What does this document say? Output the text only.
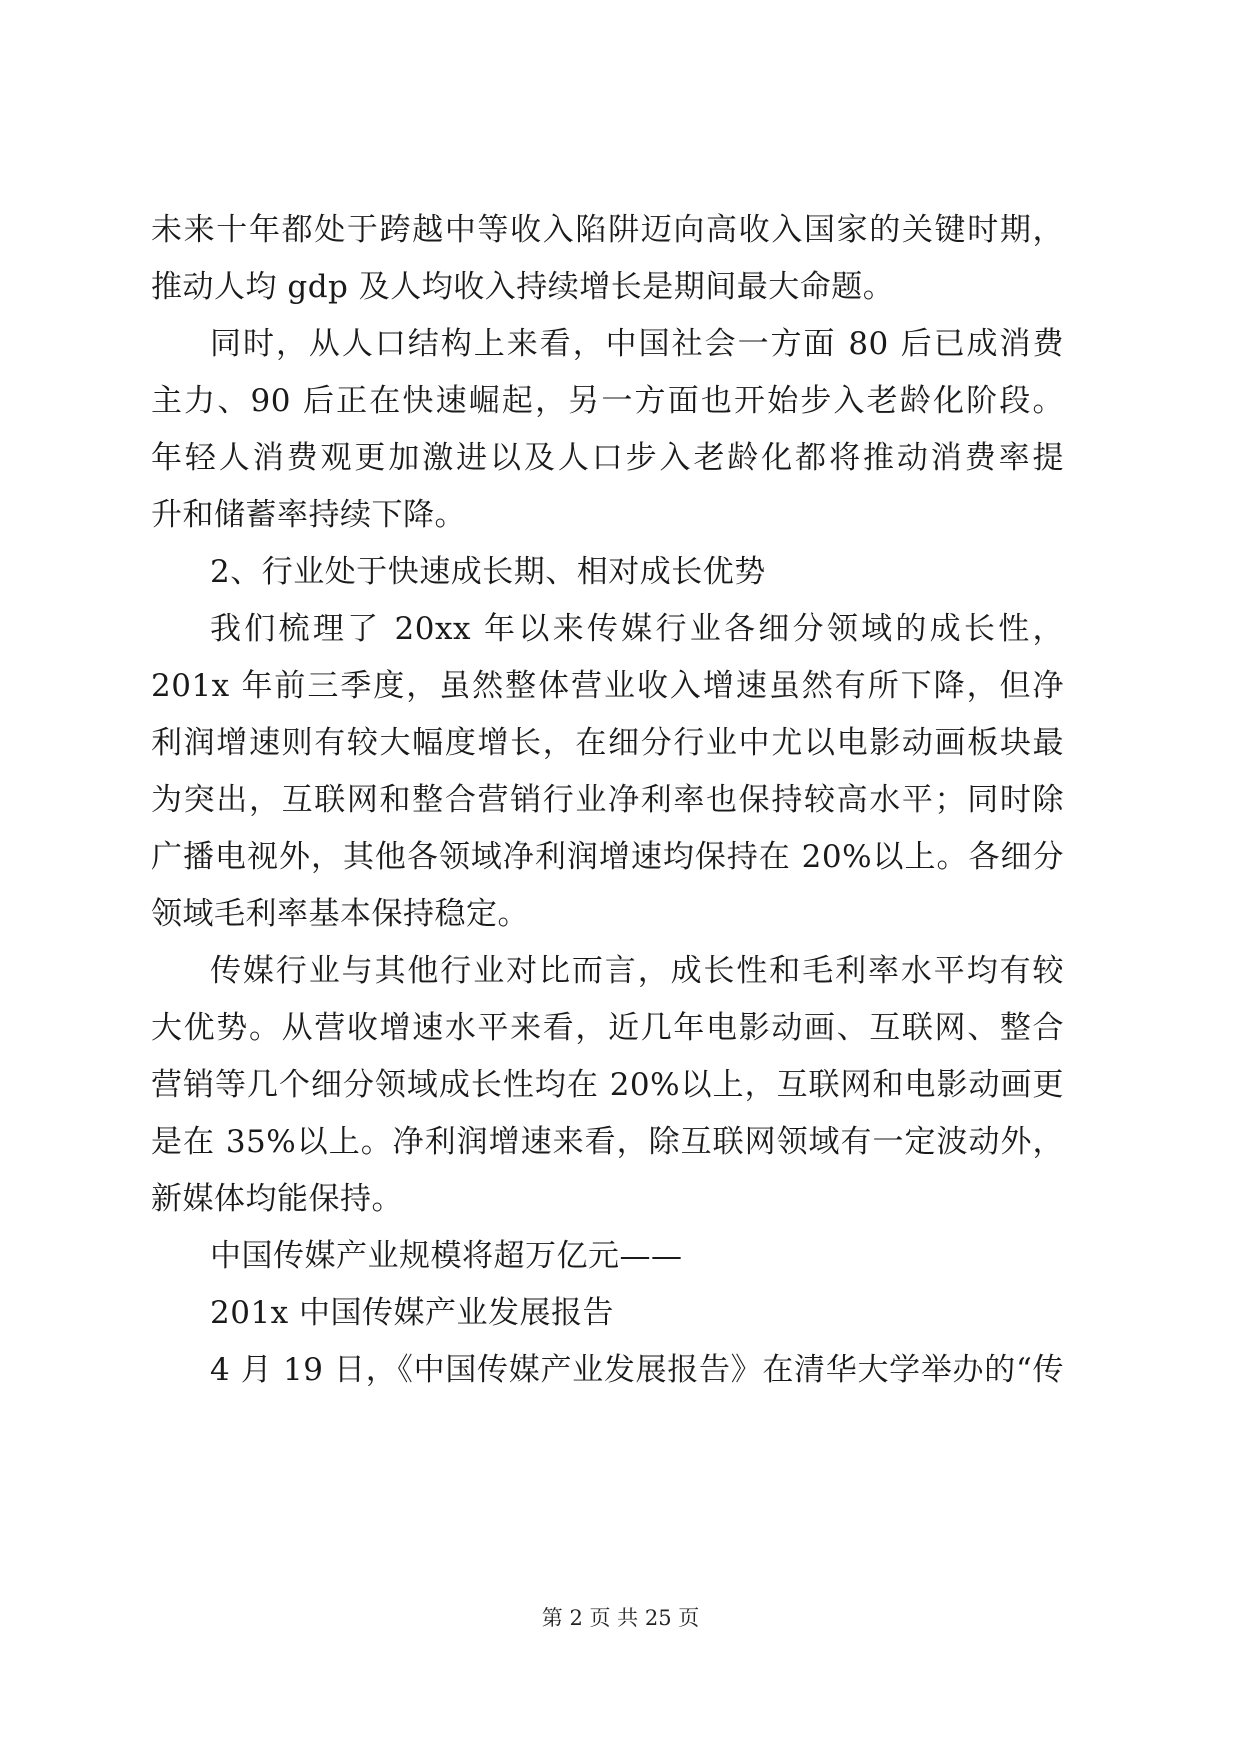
未来十年都处于跨越中等收入陷阱迈向高收入国家的关键时期，
推动人均 gdp 及人均收入持续增长是期间最大命题。
同时，从人口结构上来看，中国社会一方面 80 后已成消费
主力、90 后正在快速崛起，另一方面也开始步入老龄化阶段。
年轻人消费观更加激进以及人口步入老龄化都将推动消费率提
升和储蓄率持续下降。
2、行业处于快速成长期、相对成长优势
我们梳理了 20xx 年以来传媒行业各细分领域的成长性，
201x 年前三季度，虽然整体营业收入增速虽然有所下降，但净
利润增速则有较大幅度增长，在细分行业中尤以电影动画板块最
为突出，互联网和整合营销行业净利率也保持较高水平；同时除
广播电视外，其他各领域净利润增速均保持在 20%以上。各细分
领域毛利率基本保持稳定。
传媒行业与其他行业对比而言，成长性和毛利率水平均有较
大优势。从营收增速水平来看，近几年电影动画、互联网、整合
营销等几个细分领域成长性均在 20%以上，互联网和电影动画更
是在 35%以上。净利润增速来看，除互联网领域有一定波动外，
新媒体均能保持。
中国传媒产业规模将超万亿元——
201x 中国传媒产业发展报告
4 月 19 日，《中国传媒产业发展报告》在清华大学举办的“传
第 2 页 共 25 页
